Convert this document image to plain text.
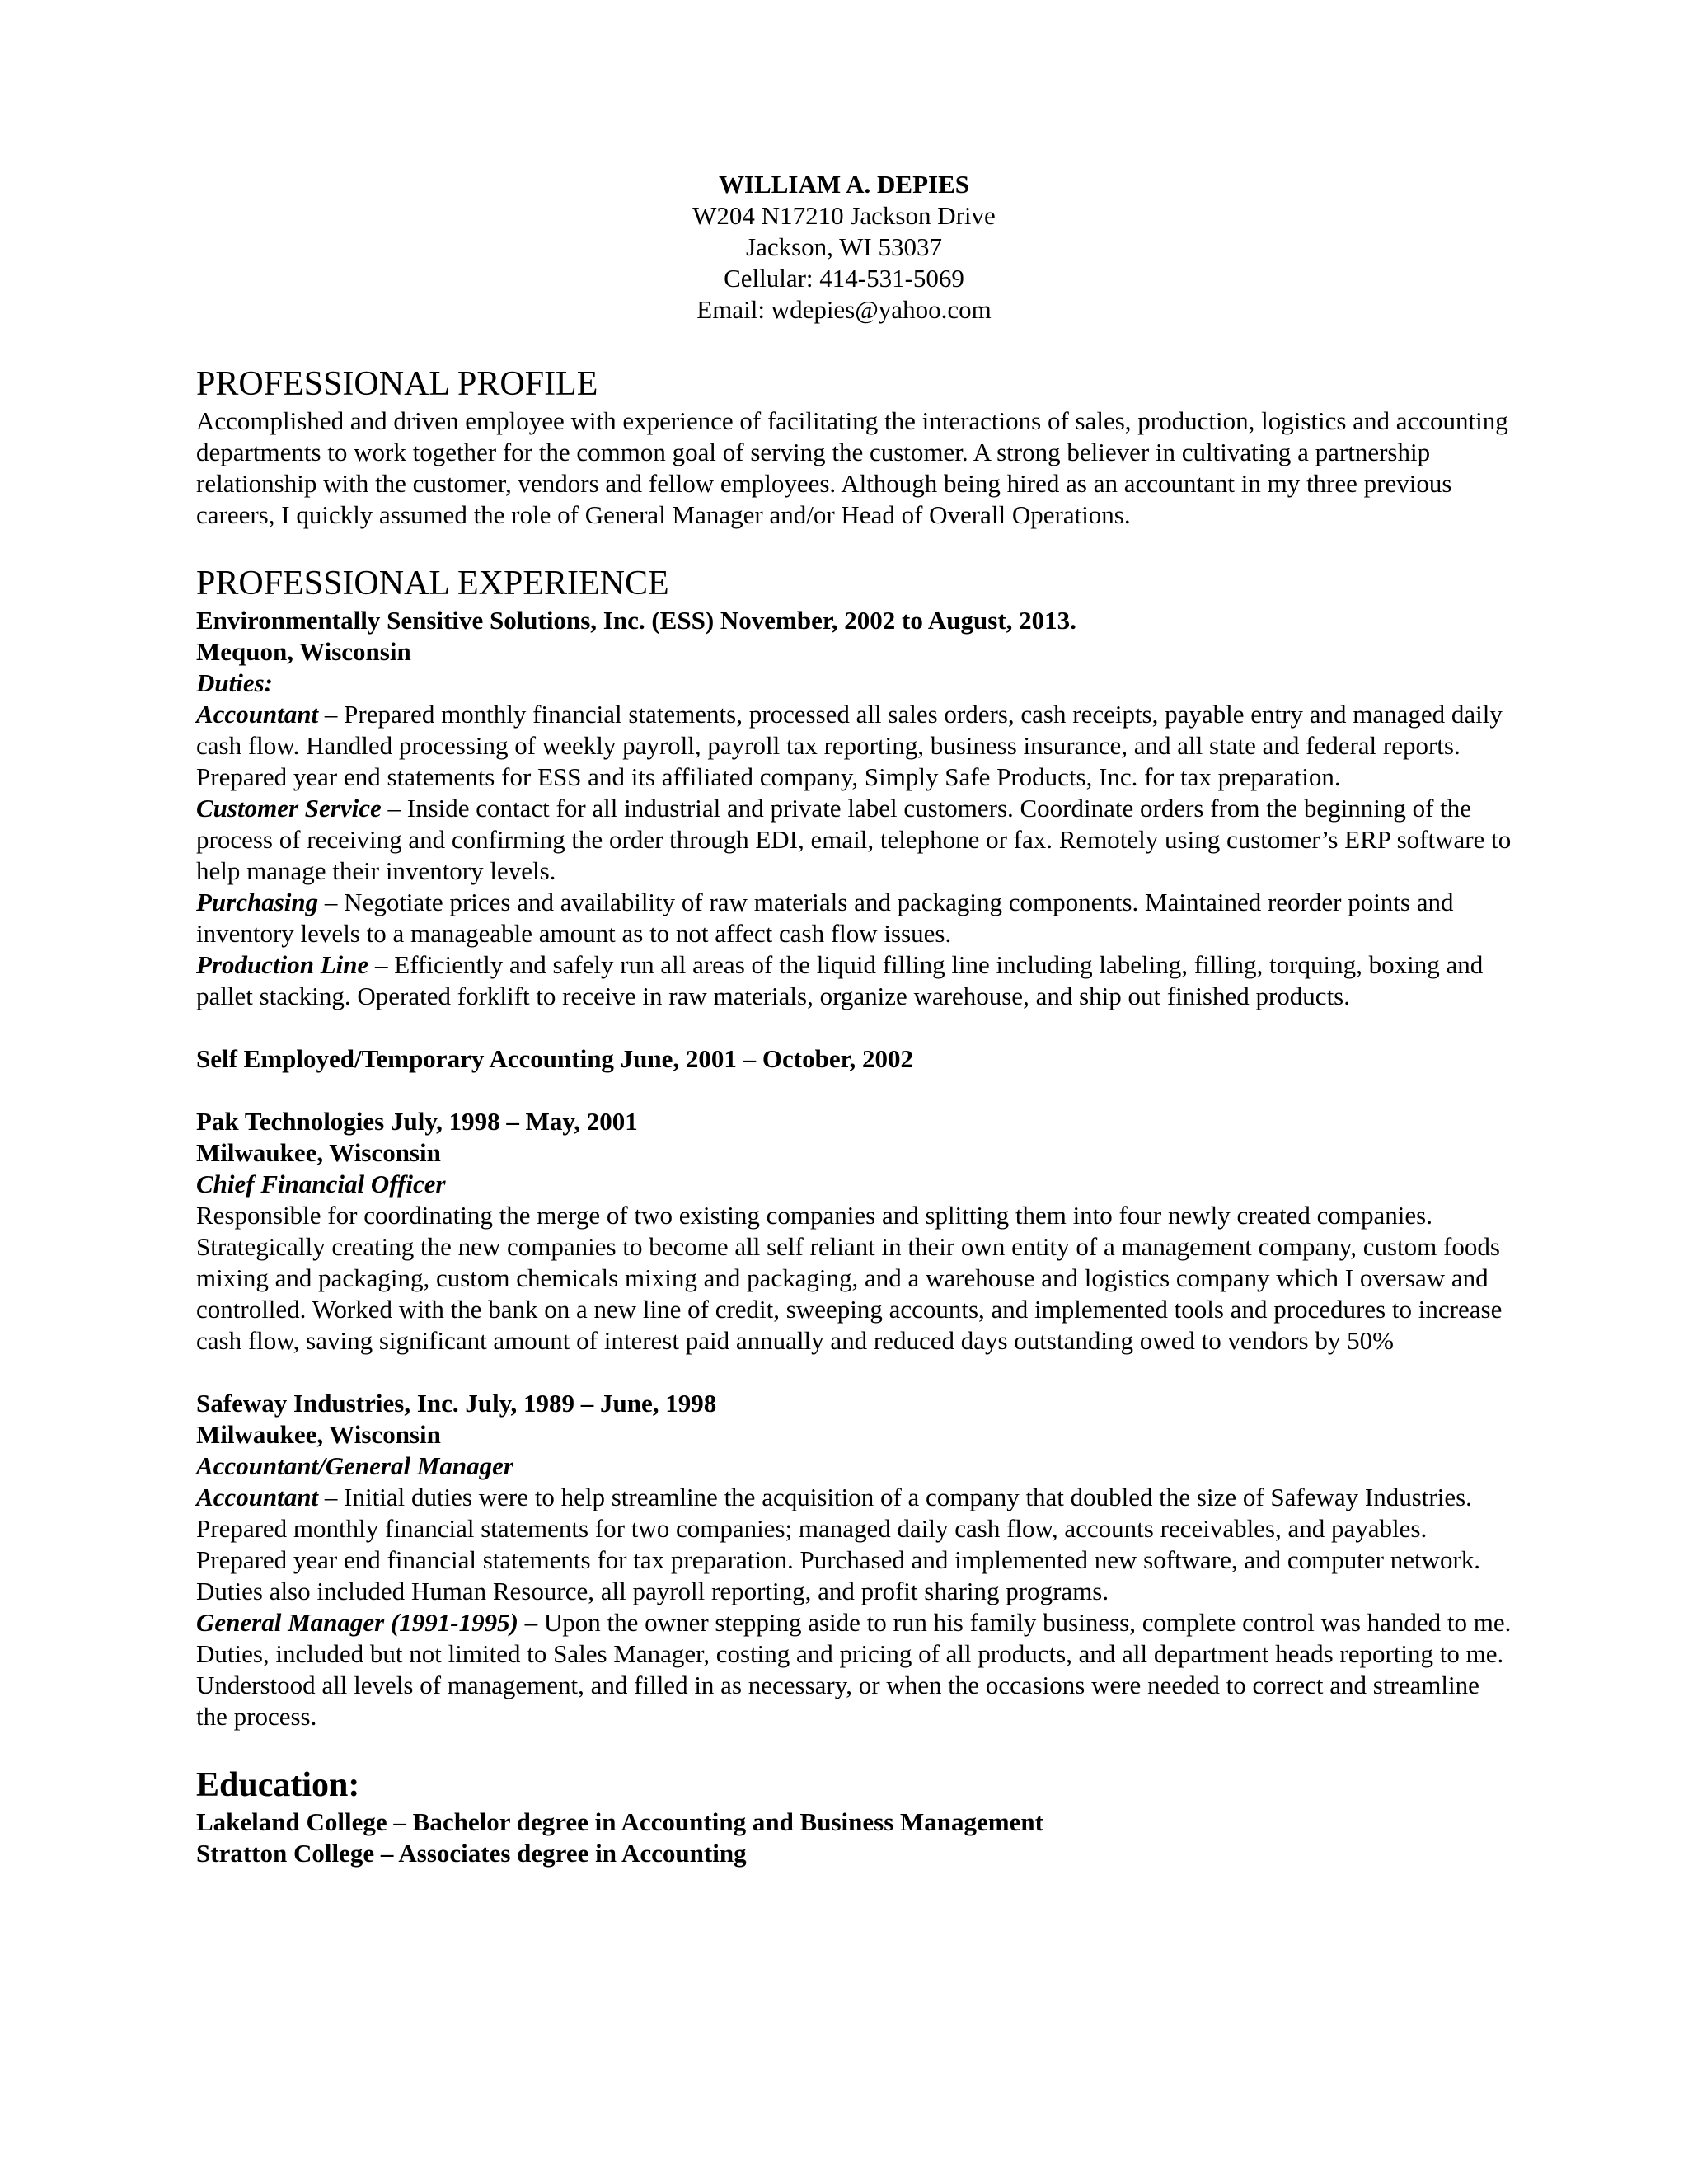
WILLIAM A. DEPIES
W204 N17210 Jackson Drive
Jackson, WI 53037
Cellular: 414-531-5069
Email: wdepies@yahoo.com
PROFESSIONAL PROFILE

Accomplished and driven employee with experience of facilitating the interactions of sales, production, logistics and accounting departments to work together for the common goal of serving the customer. A strong believer in cultivating a partnership relationship with the customer, vendors and fellow employees. Although being hired as an accountant in my three previous careers, I quickly assumed the role of General Manager and/or Head of Overall Operations.

PROFESSIONAL EXPERIENCE
Environmentally Sensitive Solutions, Inc. (ESS) November, 2002 to August, 2013.
Mequon, Wisconsin
Duties:

Accountant – Prepared monthly financial statements, processed all sales orders, cash receipts, payable entry and managed daily cash flow. Handled processing of weekly payroll, payroll tax reporting, business insurance, and all state and federal reports. Prepared year end statements for ESS and its affiliated company, Simply Safe Products, Inc. for tax preparation.

Customer Service – Inside contact for all industrial and private label customers. Coordinate orders from the beginning of the process of receiving and confirming the order through EDI, email, telephone or fax. Remotely using customer’s ERP software to help manage their inventory levels.

Purchasing – Negotiate prices and availability of raw materials and packaging components. Maintained reorder points and inventory levels to a manageable amount as to not affect cash flow issues.

Production Line – Efficiently and safely run all areas of the liquid filling line including labeling, filling, torquing, boxing and pallet stacking. Operated forklift to receive in raw materials, organize warehouse, and ship out finished products.

Self Employed/Temporary Accounting June, 2001 – October, 2002
Pak Technologies July, 1998 – May, 2001
Milwaukee, Wisconsin
Chief Financial Officer

Responsible for coordinating the merge of two existing companies and splitting them into four newly created companies. Strategically creating the new companies to become all self reliant in their own entity of a management company, custom foods mixing and packaging, custom chemicals mixing and packaging, and a warehouse and logistics company which I oversaw and controlled. Worked with the bank on a new line of credit, sweeping accounts, and implemented tools and procedures to increase cash flow, saving significant amount of interest paid annually and reduced days outstanding owed to vendors by 50%

Safeway Industries, Inc. July, 1989 – June, 1998
Milwaukee, Wisconsin
Accountant/General Manager

Accountant – Initial duties were to help streamline the acquisition of a company that doubled the size of Safeway Industries. Prepared monthly financial statements for two companies; managed daily cash flow, accounts receivables, and payables. Prepared year end financial statements for tax preparation. Purchased and implemented new software, and computer network. Duties also included Human Resource, all payroll reporting, and profit sharing programs.

General Manager (1991-1995) – Upon the owner stepping aside to run his family business, complete control was handed to me. Duties, included but not limited to Sales Manager, costing and pricing of all products, and all department heads reporting to me. Understood all levels of management, and filled in as necessary, or when the occasions were needed to correct and streamline the process.

Education:
Lakeland College – Bachelor degree in Accounting and Business Management
Stratton College – Associates degree in Accounting
